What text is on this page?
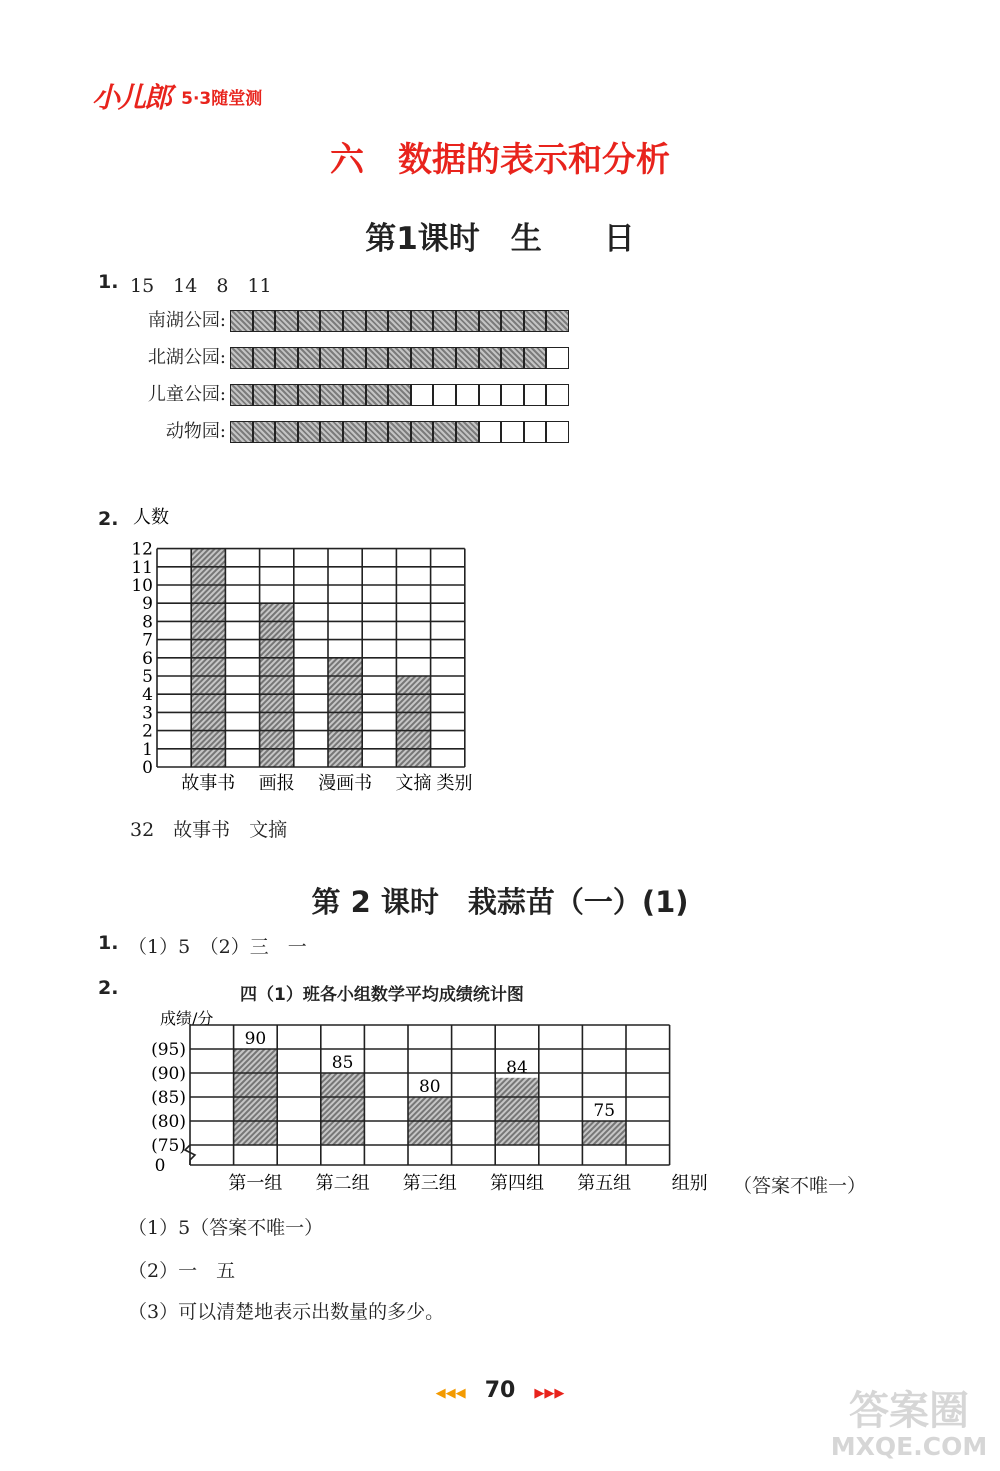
小儿郎 5·3随堂测
六　数据的表示和分析
第1课时　生　　日
1. 15　14　8　11
南湖公园:
北湖公园:
儿童公园:
动物园:
2. 人数
0
1
2
3
4
5
6
7
8
9
10
11
12
故事书 画报 漫画书 文摘 类别
32　故事书　文摘
第 2 课时　栽蒜苗（一）(1)
1. （1）5　（2）三　一
2.	四（1）班各小组数学平均成绩统计图
成绩/分
90
85
80
84
75
0
(75)
(80)
(85)
(90)
(95)
第一组 第二组 第三组 第四组 第五组 组别 （答案不唯一）
（1）5（答案不唯一）
（2）一　五
（3）可以清楚地表示出数量的多少。
◀◀◀ 70 ▶▶▶	答案圈
MXQE.COM
